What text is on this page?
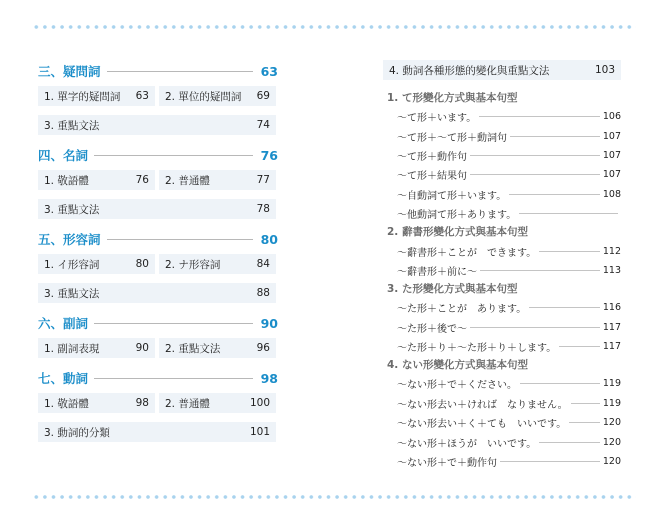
三、疑問詞	63
1. 單字的疑問詞 63 2. 單位的疑問詞 69
3. 重點文法	74
四、名詞	76
1. 敬語體	76 2. 普通體	77
3. 重點文法	78
五、形容詞	80
1. イ形容詞	80 2. ナ形容詞	84
3. 重點文法	88
六、副詞	90
1. 副詞表現	90 2. 重點文法	96
七、動詞	98
1. 敬語體	98 2. 普通體	100
3. 動詞的分類	101
4. 動詞各種形態的變化與重點文法	103
1. て形變化方式與基本句型
〜て形＋います。	106
〜て形＋〜て形＋動詞句	107
〜て形＋動作句	107
〜て形＋結果句	107
〜自動詞て形＋います。	108
〜他動詞て形＋あります。
2. 辭書形變化方式與基本句型
〜辭書形＋ことが　できます。	112
〜辭書形＋前に〜	113
3. た形變化方式與基本句型
〜た形＋ことが　あります。	116
〜た形＋後で〜	117
〜た形＋り＋〜た形＋り＋します。	117
4. ない形變化方式與基本句型
〜ない形＋で＋ください。	119
〜ない形去い＋ければ　なりません。	119
〜ない形去い＋く＋ても　いいです。	120
〜ない形＋ほうが　いいです。	120
〜ない形＋で＋動作句	120
